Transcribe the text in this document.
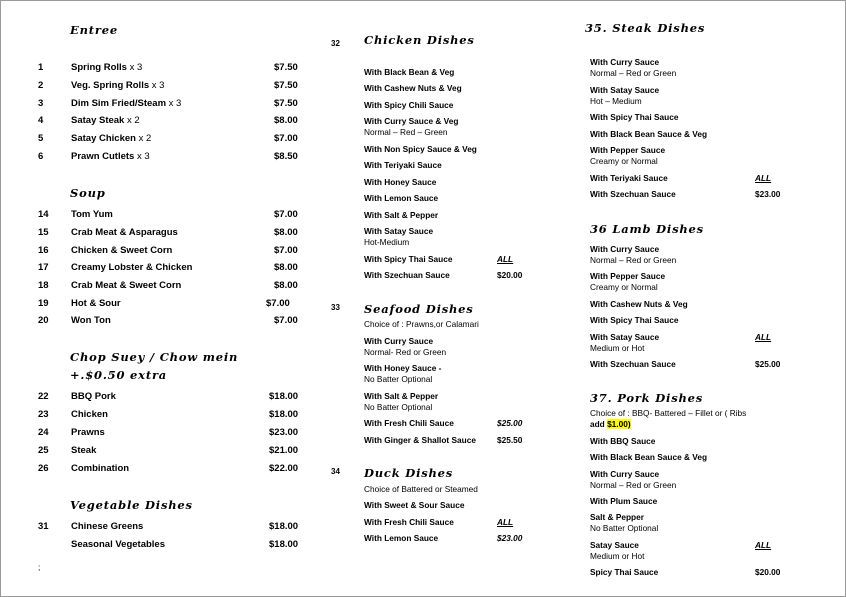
Entree
1	Spring Rolls x 3	$7.50
2	Veg. Spring Rolls x 3	$7.50
3	Dim Sim Fried/Steam x 3	$7.50
4	Satay Steak x 2	$8.00
5	Satay Chicken x 2	$7.00
6	Prawn Cutlets x 3	$8.50
Soup
14 Tom Yum	$7.00
15 Crab Meat & Asparagus	$8.00
16 Chicken & Sweet Corn	$7.00
17 Creamy Lobster & Chicken	$8.00
18 Crab Meat & Sweet Corn	$8.00
19 Hot & Sour	$7.00
20 Won Ton	$7.00
Chop Suey / Chow mein
+.$0.50 extra
22 BBQ Pork	$18.00
23 Chicken	$18.00
24 Prawns	$23.00
25 Steak	$21.00
26 Combination	$22.00
Vegetable Dishes
31 Chinese Greens	$18.00
Seasonal Vegetables	$18.00
;
32 Chicken Dishes
With Black Bean & Veg
With Cashew Nuts & Veg
With Spicy Chili Sauce
With Curry Sauce & Veg
Normal – Red – Green
With Non Spicy Sauce & Veg
With Teriyaki Sauce
With Honey Sauce
With Lemon Sauce
With Salt & Pepper
With Satay Sauce
Hot-Medium
With Spicy Thai Sauce	ALL
With Szechuan Sauce	$20.00
33 Seafood Dishes
Choice of : Prawns,or Calamari
With Curry Sauce
Normal- Red or Green
With Honey Sauce -
No Batter Optional
With Salt & Pepper
No Batter Optional
With Fresh Chili Sauce	$25.00
With Ginger & Shallot Sauce	$25.50
34 Duck Dishes
Choice of Battered or Steamed
With Sweet & Sour Sauce
With Fresh Chili Sauce	ALL
With Lemon Sauce	$23.00
35. Steak Dishes
With Curry Sauce
Normal – Red or Green
With Satay Sauce
Hot – Medium
With Spicy Thai Sauce
With Black Bean Sauce & Veg
With Pepper Sauce
Creamy or Normal
With Teriyaki Sauce	ALL
With Szechuan Sauce	$23.00
36 Lamb Dishes
With Curry Sauce
Normal – Red or Green
With Pepper Sauce
Creamy or Normal
With Cashew Nuts & Veg
With Spicy Thai Sauce
With Satay Sauce	ALL
Medium or Hot
With Szechuan Sauce	$25.00
37. Pork Dishes
Choice of : BBQ- Battered – Fillet or ( Ribs
add $1.00)
With BBQ Sauce
With Black Bean Sauce & Veg
With Curry Sauce
Normal – Red or Green
With Plum Sauce
Salt & Pepper
No Batter Optional
Satay Sauce	ALL
Medium or Hot
Spicy Thai Sauce	$20.00
